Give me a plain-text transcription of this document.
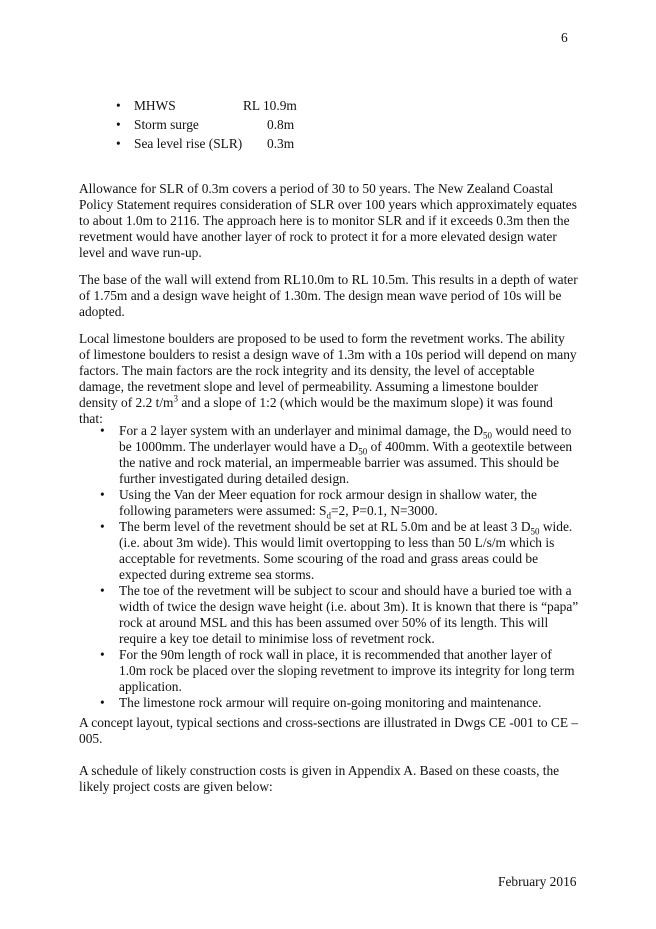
6
• MHWS	RL 10.9m
• Storm surge	0.8m
• Sea level rise (SLR) 0.3m

Allowance for SLR of 0.3m covers a period of 30 to 50 years. The New Zealand Coastal Policy Statement requires consideration of SLR over 100 years which approximately equates to about 1.0m to 2116. The approach here is to monitor SLR and if it exceeds 0.3m then the revetment would have another layer of rock to protect it for a more elevated design water level and wave run-up.

The base of the wall will extend from RL10.0m to RL 10.5m. This results in a depth of water of 1.75m and a design wave height of 1.30m. The design mean wave period of 10s will be adopted.

Local limestone boulders are proposed to be used to form the revetment works. The ability of limestone boulders to resist a design wave of 1.3m with a 10s period will depend on many factors. The main factors are the rock integrity and its density, the level of acceptable damage, the revetment slope and level of permeability. Assuming a limestone boulder density of 2.2 $t/m^3$ and a slope of 1:2 (which would be the maximum slope) it was found that:

• For a 2 layer system with an underlayer and minimal damage, the $D_{50}$ would need to be 1000mm. The underlayer would have a $D_{50}$ of 400mm. With a geotextile between the native and rock material, an impermeable barrier was assumed. This should be further investigated during detailed design.
• Using the Van der Meer equation for rock armour design in shallow water, the following parameters were assumed: $S_d=2$, P=0.1, N=3000.
• The berm level of the revetment should be set at RL 5.0m and be at least 3 $D_{50}$ wide. (i.e. about 3m wide). This would limit overtopping to less than 50 L/s/m which is acceptable for revetments. Some scouring of the road and grass areas could be expected during extreme sea storms.
• The toe of the revetment will be subject to scour and should have a buried toe with a width of twice the design wave height (i.e. about 3m). It is known that there is “papa” rock at around MSL and this has been assumed over 50% of its length. This will require a key toe detail to minimise loss of revetment rock.
• For the 90m length of rock wall in place, it is recommended that another layer of 1.0m rock be placed over the sloping revetment to improve its integrity for long term application.
• The limestone rock armour will require on-going monitoring and maintenance.

A concept layout, typical sections and cross-sections are illustrated in Dwgs CE -001 to CE – 005.

A schedule of likely construction costs is given in Appendix A. Based on these coasts, the likely project costs are given below:

February 2016
